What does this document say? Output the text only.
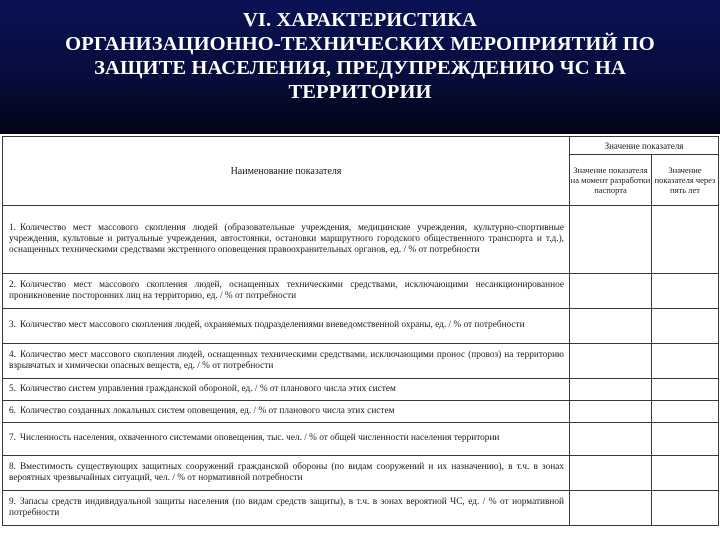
VI. ХАРАКТЕРИСТИКА
ОРГАНИЗАЦИОННО-ТЕХНИЧЕСКИХ МЕРОПРИЯТИЙ ПО
ЗАЩИТЕ НАСЕЛЕНИЯ, ПРЕДУПРЕЖДЕНИЮ ЧС НА
ТЕРРИТОРИИ
Наименование показателя	Значение показателя	
	Значение показателя на момент разработки паспорта	Значение показателя через пять лет
1. Количество мест массового скопления людей (образовательные учреждения, медицинские учреждения, культурно-спортивные учреждения, культовые и ритуальные учреждения, автостоянки, остановки маршрутного городского общественного транспорта и т.д.), оснащенных техническими средствами экстренного оповещения правоохранительных органов, ед. / % от потребности		
2. Количество мест массового скопления людей, оснащенных техническими средствами, исключающими несанкционированное проникновение посторонних лиц на территорию, ед. / % от потребности		
3. Количество мест массового скопления людей, охраняемых подразделениями вневедомственной охраны, ед. / % от потребности		
4. Количество мест массового скопления людей, оснащенных техническими средствами, исключающими пронос (провоз) на территорию взрывчатых и химически опасных веществ, ед. / % от потребности		
5. Количество систем управления гражданской обороной, ед. / % от планового числа этих систем		
6. Количество созданных локальных систем оповещения, ед. / % от планового числа этих систем		
7. Численность населения, охваченного системами оповещения, тыс. чел. / % от общей численности населения территории		
8. Вместимость существующих защитных сооружений гражданской обороны (по видам сооружений и их назначению), в т.ч. в зонах вероятных чрезвычайных ситуаций, чел. / % от нормативной потребности		
9. Запасы средств индивидуальной защиты населения (по видам средств защиты), в т.ч. в зонах вероятной ЧС, ед. / % от нормативной потребности		
